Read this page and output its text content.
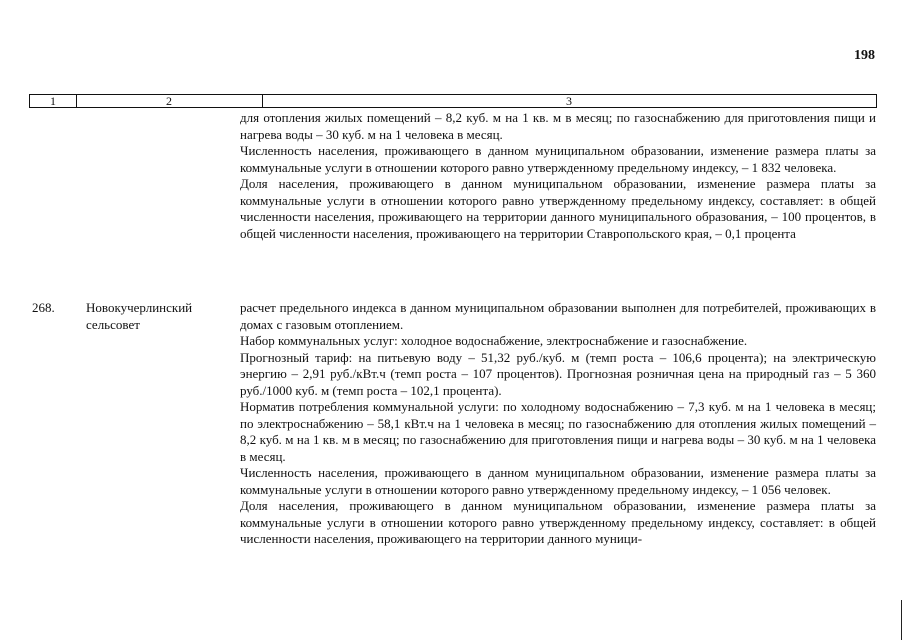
198
1	2	3

для отопления жилых помещений – 8,2 куб. м на 1 кв. м в месяц; по газоснабжению для приготовления пищи и нагрева воды – 30 куб. м на 1 человека в месяц.

Численность населения, проживающего в данном муниципальном образовании, изменение размера платы за коммунальные услуги в отношении которого равно утвержденному предельному индексу, – 1 832 человека.

Доля населения, проживающего в данном муниципальном образовании, изменение размера платы за коммунальные услуги в отношении которого равно утвержденному предельному индексу, составляет: в общей численности населения, проживающего на территории данного муниципального образования, – 100 процентов, в общей численности населения, проживающего на территории Ставропольского края, – 0,1 процента

268. Новокучерлинский сельсовет

расчет предельного индекса в данном муниципальном образовании выполнен для потребителей, проживающих в домах с газовым отоплением.

Набор коммунальных услуг: холодное водоснабжение, электроснабжение и газоснабжение.

Прогнозный тариф: на питьевую воду – 51,32 руб./куб. м (темп роста – 106,6 процента); на электрическую энергию – 2,91 руб./кВт.ч (темп роста – 107 процентов). Прогнозная розничная цена на природный газ – 5 360 руб./1000 куб. м (темп роста – 102,1 процента).

Норматив потребления коммунальной услуги: по холодному водоснабжению – 7,3 куб. м на 1 человека в месяц; по электроснабжению – 58,1 кВт.ч на 1 человека в месяц; по газоснабжению для отопления жилых помещений – 8,2 куб. м на 1 кв. м в месяц; по газоснабжению для приготовления пищи и нагрева воды – 30 куб. м на 1 человека в месяц.

Численность населения, проживающего в данном муниципальном образовании, изменение размера платы за коммунальные услуги в отношении которого равно утвержденному предельному индексу, – 1 056 человек.

Доля населения, проживающего в данном муниципальном образовании, изменение размера платы за коммунальные услуги в отношении которого равно утвержденному предельному индексу, составляет: в общей численности населения, проживающего на территории данного муници-
